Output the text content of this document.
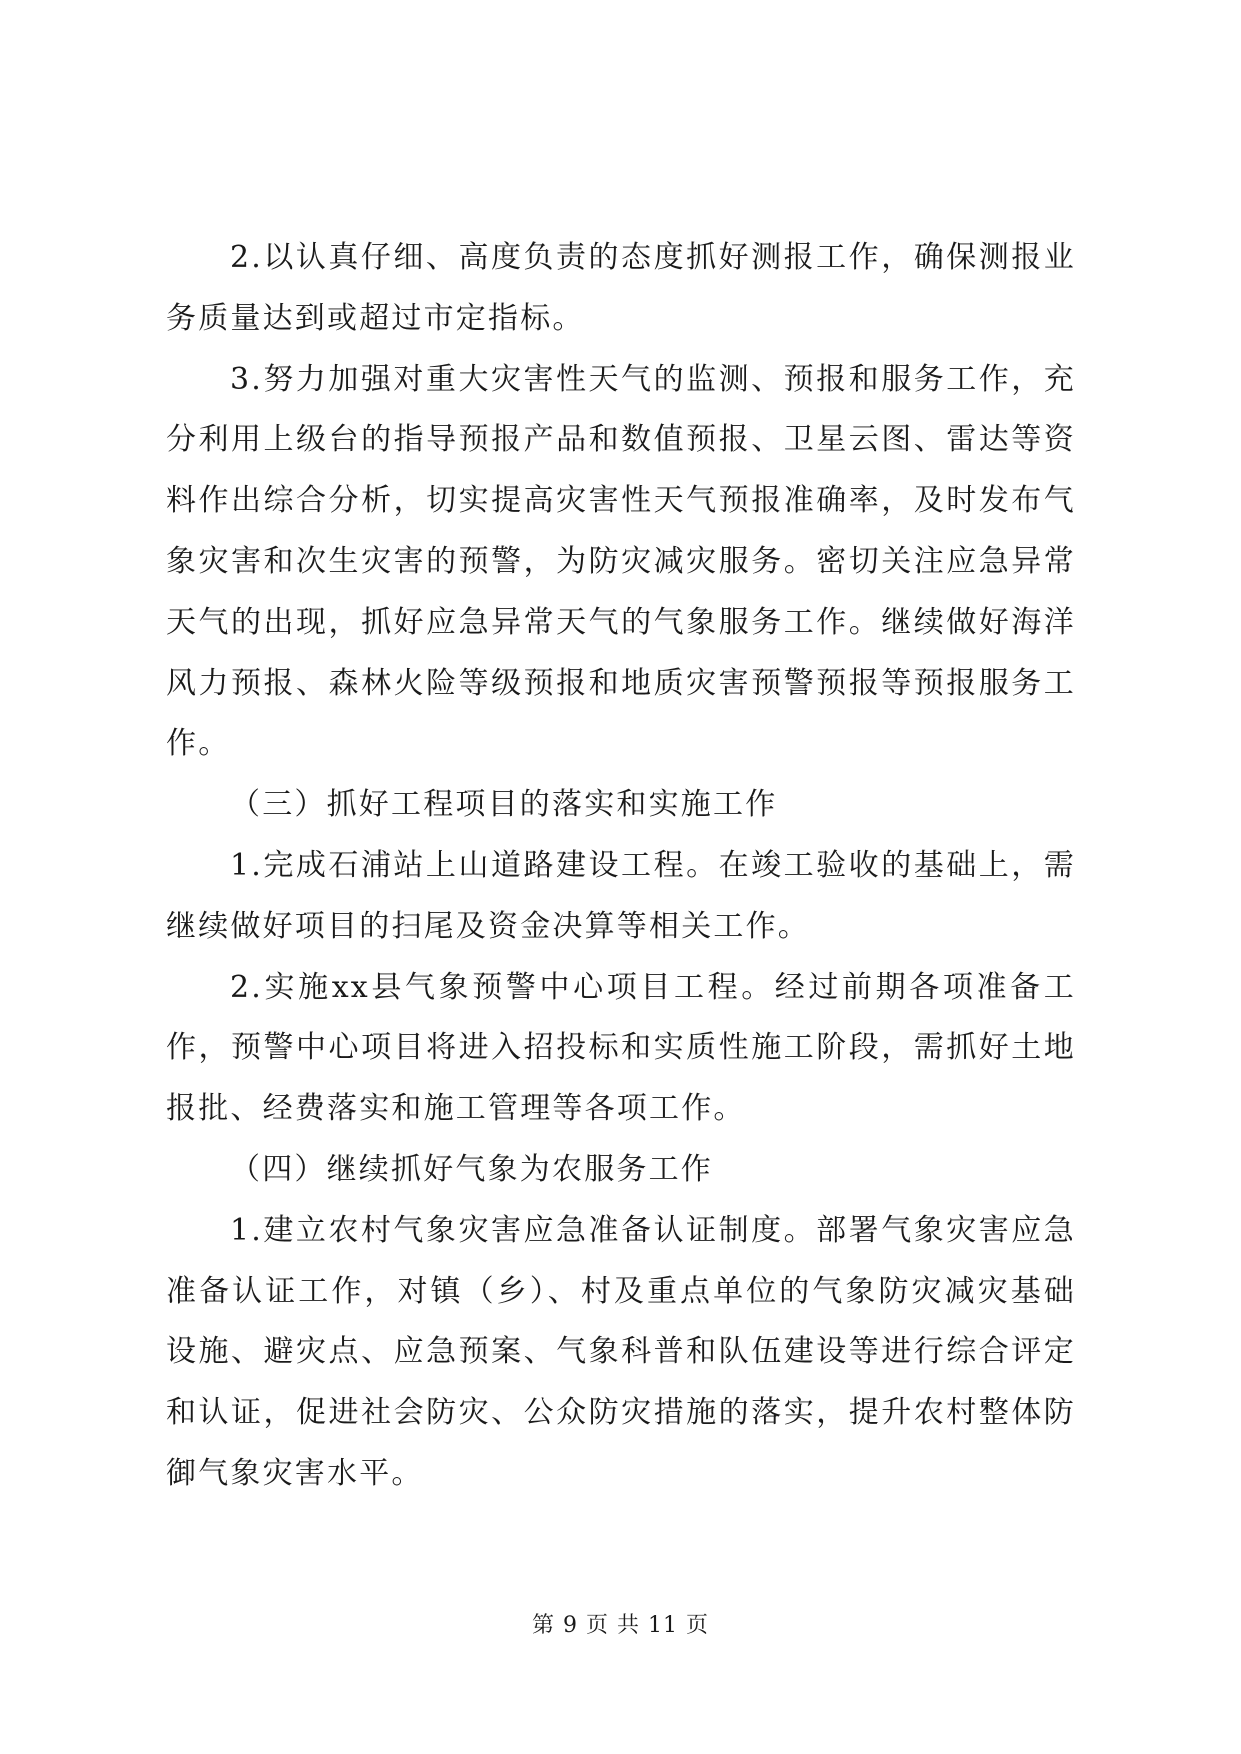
2.以认真仔细、高度负责的态度抓好测报工作，确保测报业务质量达到或超过市定指标。

3.努力加强对重大灾害性天气的监测、预报和服务工作，充分利用上级台的指导预报产品和数值预报、卫星云图、雷达等资料作出综合分析，切实提高灾害性天气预报准确率，及时发布气象灾害和次生灾害的预警，为防灾减灾服务。密切关注应急异常天气的出现，抓好应急异常天气的气象服务工作。继续做好海洋风力预报、森林火险等级预报和地质灾害预警预报等预报服务工作。

（三）抓好工程项目的落实和实施工作

1.完成石浦站上山道路建设工程。在竣工验收的基础上，需继续做好项目的扫尾及资金决算等相关工作。

2.实施xx县气象预警中心项目工程。经过前期各项准备工作，预警中心项目将进入招投标和实质性施工阶段，需抓好土地报批、经费落实和施工管理等各项工作。

（四）继续抓好气象为农服务工作

1.建立农村气象灾害应急准备认证制度。部署气象灾害应急准备认证工作，对镇（乡）、村及重点单位的气象防灾减灾基础设施、避灾点、应急预案、气象科普和队伍建设等进行综合评定和认证，促进社会防灾、公众防灾措施的落实，提升农村整体防御气象灾害水平。

第 9 页 共 11 页
